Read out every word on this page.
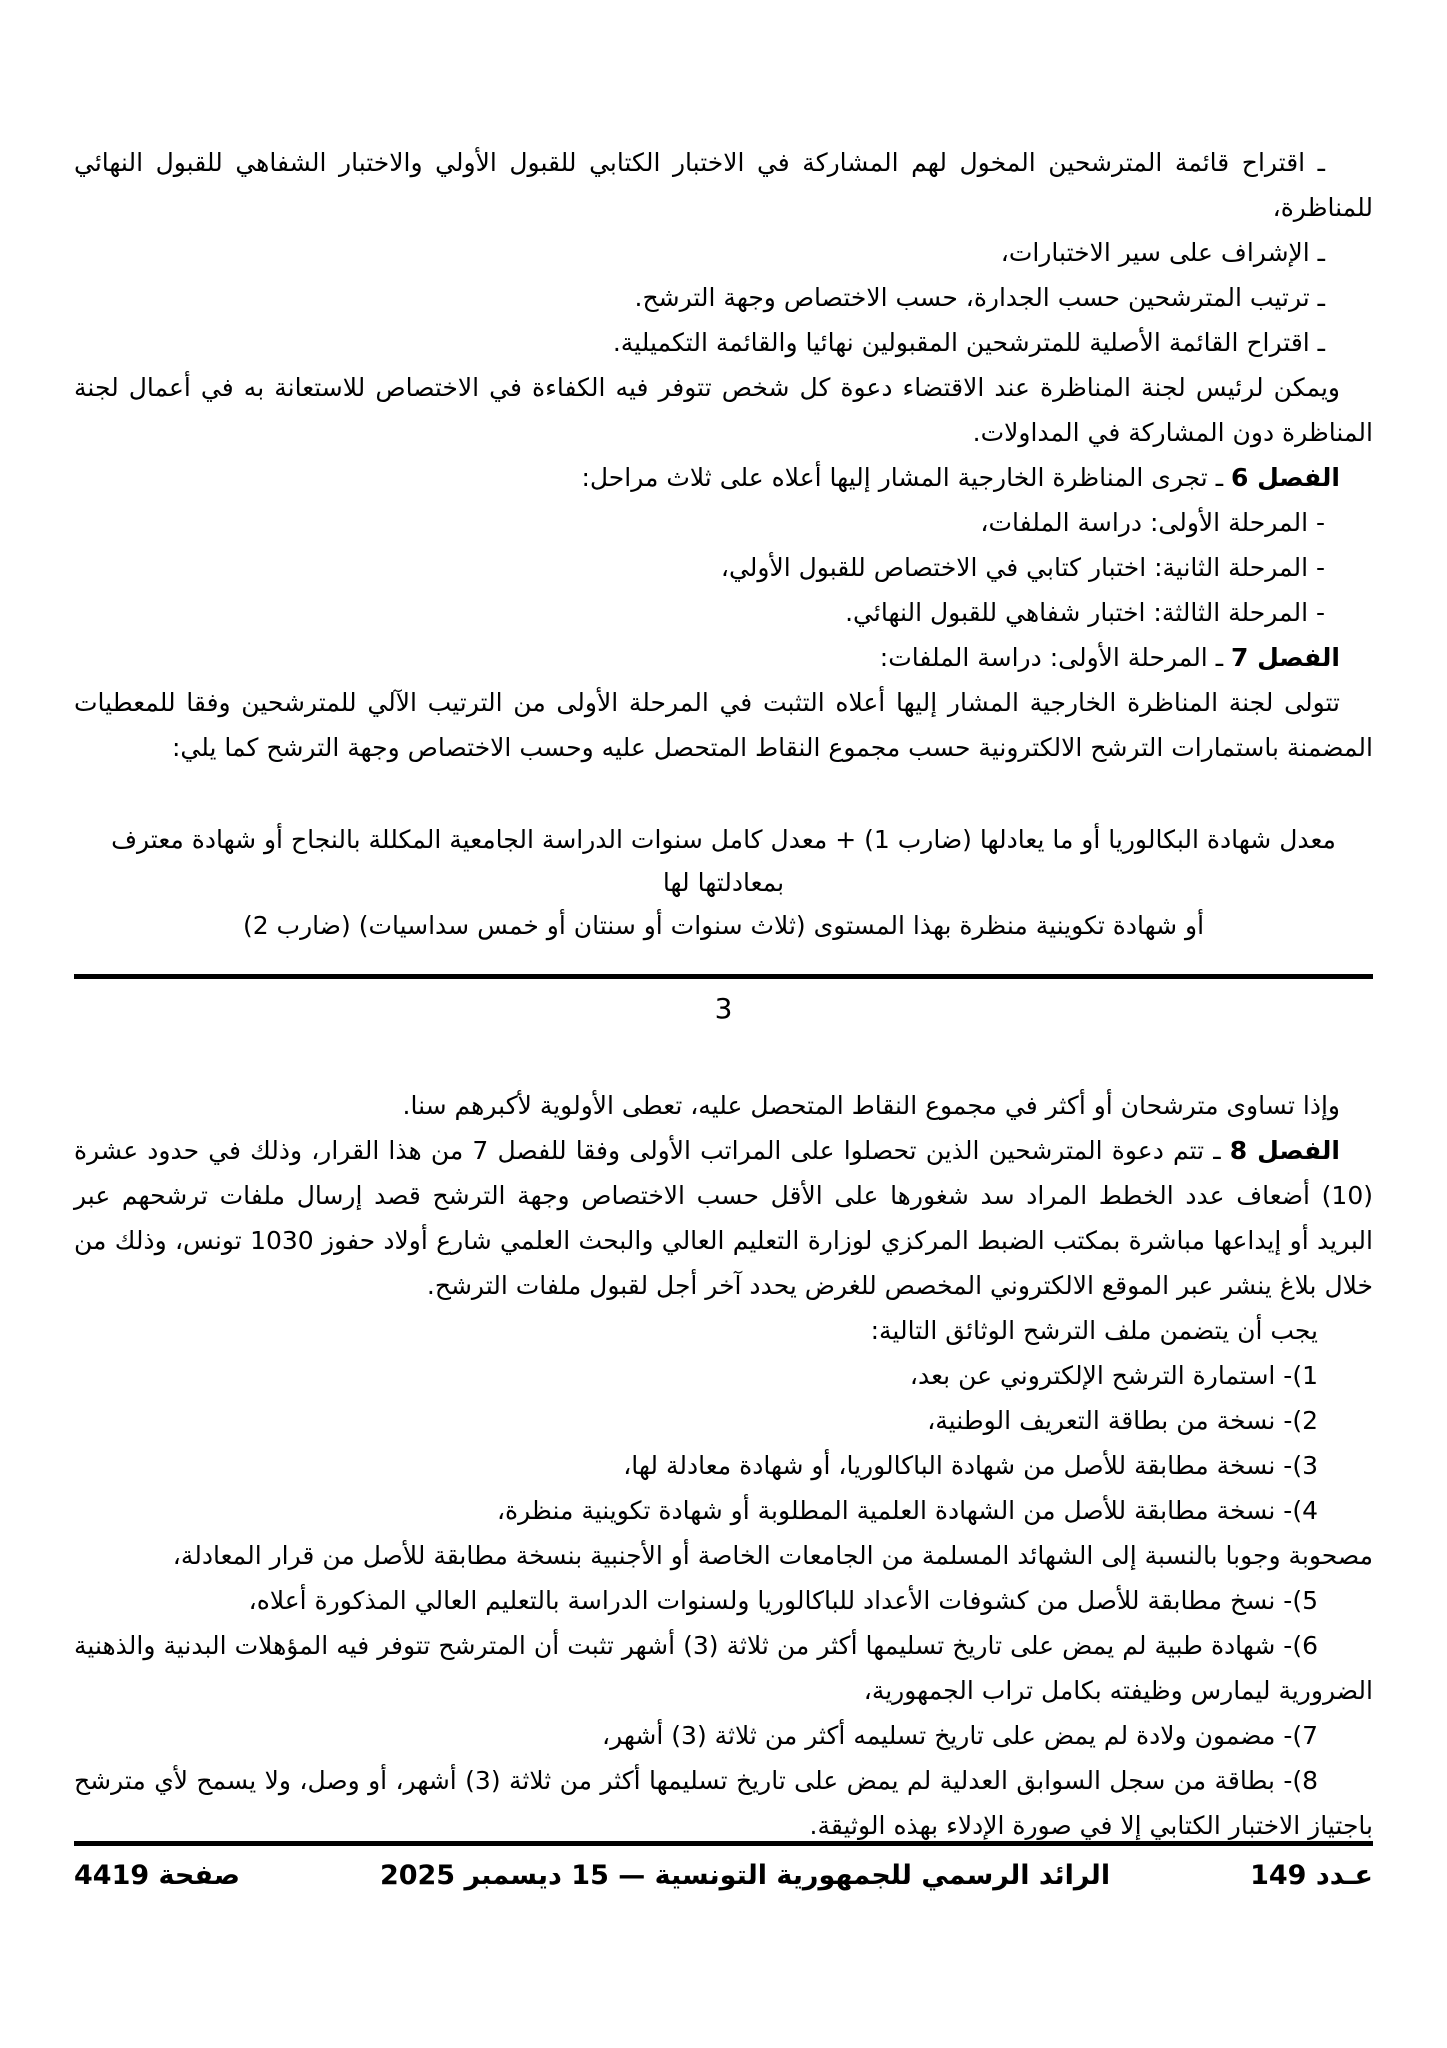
ـ اقتراح قائمة المترشحين المخول لهم المشاركة في الاختبار الكتابي للقبول الأولي والاختبار الشفاهي للقبول النهائي للمناظرة،

ـ الإشراف على سير الاختبارات،

ـ ترتيب المترشحين حسب الجدارة، حسب الاختصاص وجهة الترشح.

ـ اقتراح القائمة الأصلية للمترشحين المقبولين نهائيا والقائمة التكميلية.

ويمكن لرئيس لجنة المناظرة عند الاقتضاء دعوة كل شخص تتوفر فيه الكفاءة في الاختصاص للاستعانة به في أعمال لجنة المناظرة دون المشاركة في المداولات.

الفصل 6 ـ تجرى المناظرة الخارجية المشار إليها أعلاه على ثلاث مراحل:

- المرحلة الأولى: دراسة الملفات،

- المرحلة الثانية: اختبار كتابي في الاختصاص للقبول الأولي،

- المرحلة الثالثة: اختبار شفاهي للقبول النهائي.

الفصل 7 ـ المرحلة الأولى: دراسة الملفات:

تتولى لجنة المناظرة الخارجية المشار إليها أعلاه التثبت في المرحلة الأولى من الترتيب الآلي للمترشحين وفقا للمعطيات المضمنة باستمارات الترشح الالكترونية حسب مجموع النقاط المتحصل عليه وحسب الاختصاص وجهة الترشح كما يلي:

معدل شهادة البكالوريا أو ما يعادلها (ضارب 1) + معدل كامل سنوات الدراسة الجامعية المكللة بالنجاح أو شهادة معترف بمعادلتها لها

أو شهادة تكوينية منظرة بهذا المستوى (ثلاث سنوات أو سنتان أو خمس سداسيات) (ضارب 2)

3

وإذا تساوى مترشحان أو أكثر في مجموع النقاط المتحصل عليه، تعطى الأولوية لأكبرهم سنا.

الفصل 8 ـ تتم دعوة المترشحين الذين تحصلوا على المراتب الأولى وفقا للفصل 7 من هذا القرار، وذلك في حدود عشرة (10) أضعاف عدد الخطط المراد سد شغورها على الأقل حسب الاختصاص وجهة الترشح قصد إرسال ملفات ترشحهم عبر البريد أو إيداعها مباشرة بمكتب الضبط المركزي لوزارة التعليم العالي والبحث العلمي شارع أولاد حفوز 1030 تونس، وذلك من خلال بلاغ ينشر عبر الموقع الالكتروني المخصص للغرض يحدد آخر أجل لقبول ملفات الترشح.

يجب أن يتضمن ملف الترشح الوثائق التالية:

1)- استمارة الترشح الإلكتروني عن بعد،

2)- نسخة من بطاقة التعريف الوطنية،

3)- نسخة مطابقة للأصل من شهادة الباكالوريا، أو شهادة معادلة لها،

4)- نسخة مطابقة للأصل من الشهادة العلمية المطلوبة أو شهادة تكوينية منظرة،

مصحوبة وجوبا بالنسبة إلى الشهائد المسلمة من الجامعات الخاصة أو الأجنبية بنسخة مطابقة للأصل من قرار المعادلة،

5)- نسخ مطابقة للأصل من كشوفات الأعداد للباكالوريا ولسنوات الدراسة بالتعليم العالي المذكورة أعلاه،

6)- شهادة طبية لم يمض على تاريخ تسليمها أكثر من ثلاثة (3) أشهر تثبت أن المترشح تتوفر فيه المؤهلات البدنية والذهنية الضرورية ليمارس وظيفته بكامل تراب الجمهورية،

7)- مضمون ولادة لم يمض على تاريخ تسليمه أكثر من ثلاثة (3) أشهر،

8)- بطاقة من سجل السوابق العدلية لم يمض على تاريخ تسليمها أكثر من ثلاثة (3) أشهر، أو وصل، ولا يسمح لأي مترشح باجتياز الاختبار الكتابي إلا في صورة الإدلاء بهذه الوثيقة.

عـدد 149
الرائد الرسمي للجمهورية التونسية — 15 ديسمبر 2025
صفحة 4419
